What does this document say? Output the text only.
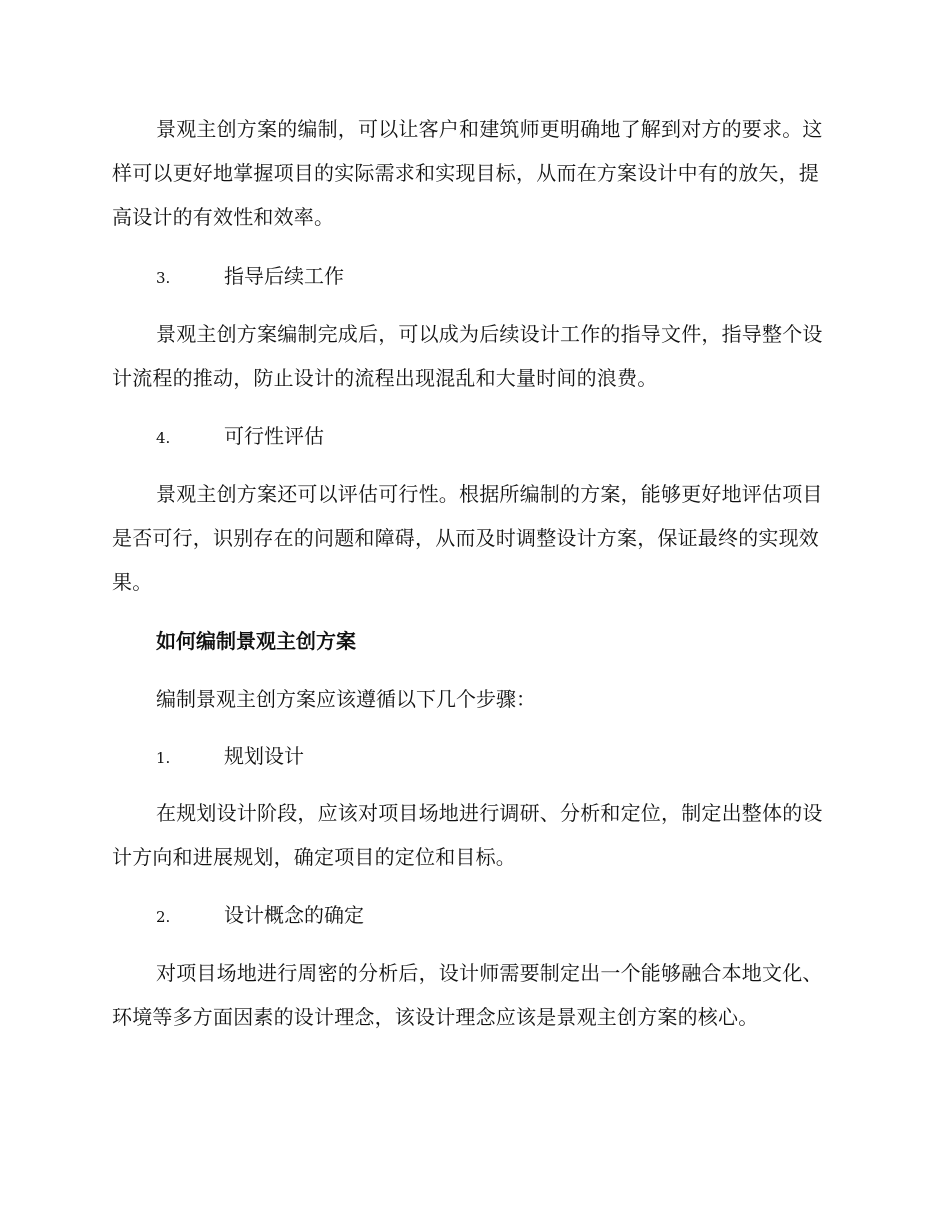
景观主创方案的编制，可以让客户和建筑师更明确地了解到对方的要求。这样可以更好地掌握项目的实际需求和实现目标，从而在方案设计中有的放矢，提高设计的有效性和效率。

3.	指导后续工作

景观主创方案编制完成后，可以成为后续设计工作的指导文件，指导整个设计流程的推动，防止设计的流程出现混乱和大量时间的浪费。

4.	可行性评估

景观主创方案还可以评估可行性。根据所编制的方案，能够更好地评估项目是否可行，识别存在的问题和障碍，从而及时调整设计方案，保证最终的实现效果。

如何编制景观主创方案

编制景观主创方案应该遵循以下几个步骤：

1.	规划设计

在规划设计阶段，应该对项目场地进行调研、分析和定位，制定出整体的设计方向和进展规划，确定项目的定位和目标。

2.	设计概念的确定

对项目场地进行周密的分析后，设计师需要制定出一个能够融合本地文化、环境等多方面因素的设计理念，该设计理念应该是景观主创方案的核心。
